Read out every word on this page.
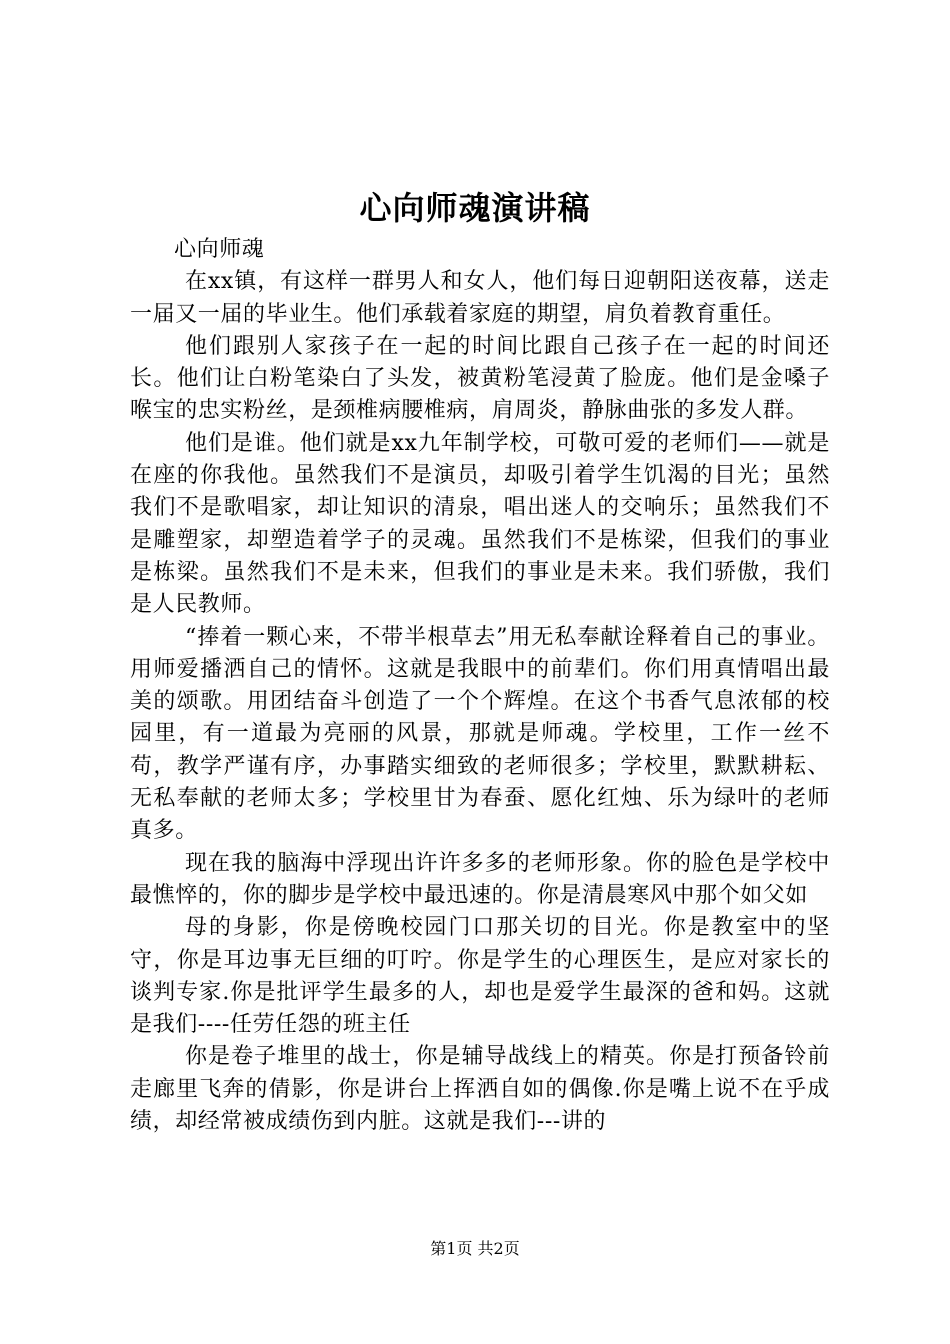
心向师魂演讲稿

心向师魂

在xx镇，有这样一群男人和女人，他们每日迎朝阳送夜幕，送走一届又一届的毕业生。他们承载着家庭的期望，肩负着教育重任。

他们跟别人家孩子在一起的时间比跟自己孩子在一起的时间还长。他们让白粉笔染白了头发，被黄粉笔浸黄了脸庞。他们是金嗓子喉宝的忠实粉丝，是颈椎病腰椎病，肩周炎，静脉曲张的多发人群。

他们是谁。他们就是xx九年制学校，可敬可爱的老师们——就是在座的你我他。虽然我们不是演员，却吸引着学生饥渴的目光；虽然我们不是歌唱家，却让知识的清泉，唱出迷人的交响乐；虽然我们不是雕塑家，却塑造着学子的灵魂。虽然我们不是栋梁，但我们的事业是栋梁。虽然我们不是未来，但我们的事业是未来。我们骄傲，我们是人民教师。

“捧着一颗心来，不带半根草去”用无私奉献诠释着自己的事业。用师爱播洒自己的情怀。这就是我眼中的前辈们。你们用真情唱出最美的颂歌。用团结奋斗创造了一个个辉煌。在这个书香气息浓郁的校园里，有一道最为亮丽的风景，那就是师魂。学校里，工作一丝不苟，教学严谨有序，办事踏实细致的老师很多；学校里，默默耕耘、无私奉献的老师太多；学校里甘为春蚕、愿化红烛、乐为绿叶的老师真多。

现在我的脑海中浮现出许许多多的老师形象。你的脸色是学校中最憔悴的，你的脚步是学校中最迅速的。你是清晨寒风中那个如父如

母的身影，你是傍晚校园门口那关切的目光。你是教室中的坚守，你是耳边事无巨细的叮咛。你是学生的心理医生，是应对家长的谈判专家.你是批评学生最多的人，却也是爱学生最深的爸和妈。这就是我们----任劳任怨的班主任

你是卷子堆里的战士，你是辅导战线上的精英。你是打预备铃前走廊里飞奔的倩影，你是讲台上挥洒自如的偶像.你是嘴上说不在乎成绩，却经常被成绩伤到内脏。这就是我们---讲的

第1页 共2页
